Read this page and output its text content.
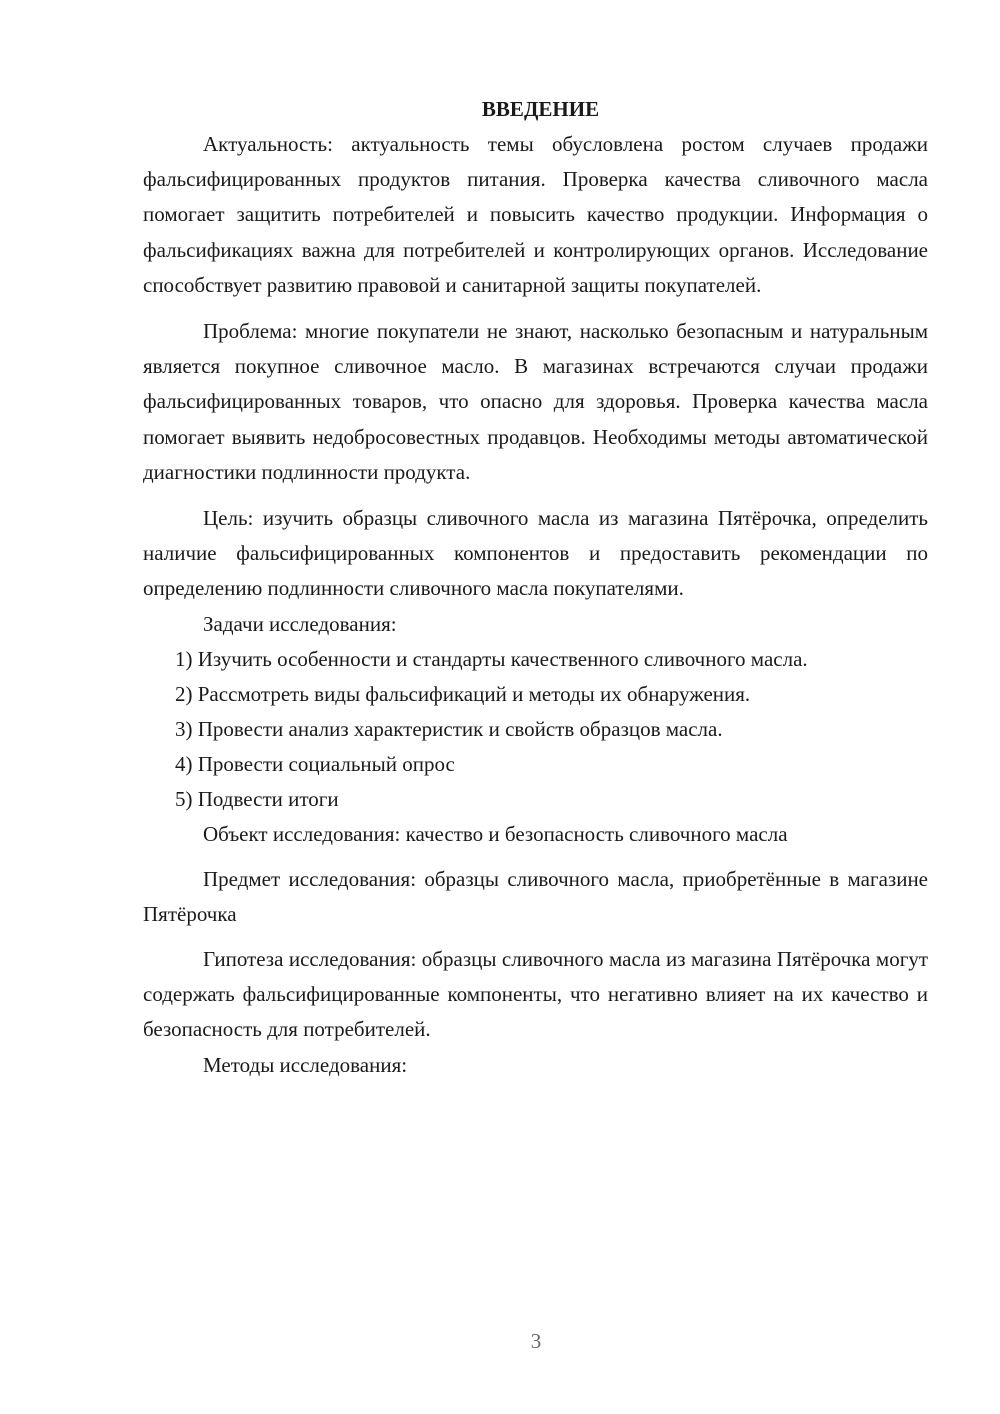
ВВЕДЕНИЕ

Актуальность: актуальность темы обусловлена ростом случаев продажи фальсифицированных продуктов питания. Проверка качества сливочного масла помогает защитить потребителей и повысить качество продукции. Информация о фальсификациях важна для потребителей и контролирующих органов. Исследование способствует развитию правовой и санитарной защиты покупателей.

Проблема: многие покупатели не знают, насколько безопасным и натуральным является покупное сливочное масло. В магазинах встречаются случаи продажи фальсифицированных товаров, что опасно для здоровья. Проверка качества масла помогает выявить недобросовестных продавцов. Необходимы методы автоматической диагностики подлинности продукта.

Цель: изучить образцы сливочного масла из магазина Пятёрочка, определить наличие фальсифицированных компонентов и предоставить рекомендации по определению подлинности сливочного масла покупателями.

Задачи исследования:

1) Изучить особенности и стандарты качественного сливочного масла.

2) Рассмотреть виды фальсификаций и методы их обнаружения.

3) Провести анализ характеристик и свойств образцов масла.

4) Провести социальный опрос

5) Подвести итоги

Объект исследования: качество и безопасность сливочного масла

Предмет исследования: образцы сливочного масла, приобретённые в магазине Пятёрочка

Гипотеза исследования: образцы сливочного масла из магазина Пятёрочка могут содержать фальсифицированные компоненты, что негативно влияет на их качество и безопасность для потребителей.

Методы исследования:

3
